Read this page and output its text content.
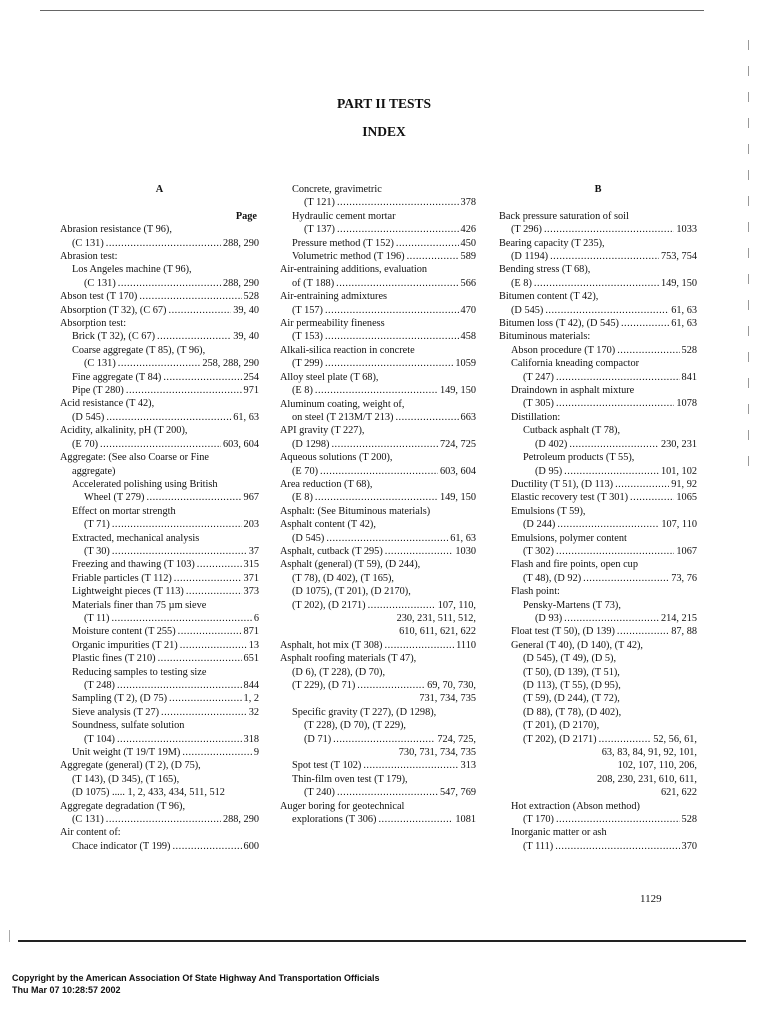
PART II TESTS
INDEX
A
Page
Abrasion resistance (T 96),
(C 131) .....	288, 290
Abrasion test:
Los Angeles machine (T 96),
(C 131) .....	288, 290
Abson test (T 170) .....	528
Absorption (T 32), (C 67) .....	39, 40
Absorption test:
Brick (T 32), (C 67) .....	39, 40
Coarse aggregate (T 85), (T 96),
(C 131) .....	258, 288, 290
Fine aggregate (T 84) .....	254
Pipe (T 280) .....	971
Acid resistance (T 42),
(D 545) .....	61, 63
Acidity, alkalinity, pH (T 200),
(E 70) .....	603, 604
Aggregate: (See also Coarse or Fine
aggregate)
Accelerated polishing using British
Wheel (T 279) .....	967
Effect on mortar strength
(T 71) .....	203
Extracted, mechanical analysis
(T 30) .....	37
Freezing and thawing (T 103) .....	315
Friable particles (T 112) .....	371
Lightweight pieces (T 113) .....	373
Materials finer than 75 µm sieve
(T 11) .....	6
Moisture content (T 255) .....	871
Organic impurities (T 21) .....	13
Plastic fines (T 210) .....	651
Reducing samples to testing size
(T 248) .....	844
Sampling (T 2), (D 75) .....	1, 2
Sieve analysis (T 27) .....	32
Soundness, sulfate solution
(T 104) .....	318
Unit weight (T 19/T 19M) .....	9
Aggregate (general) (T 2), (D 75),
(T 143), (D 345), (T 165),
(D 1075) ..... 1, 2, 433, 434, 511, 512
Aggregate degradation (T 96),
(C 131) .....	288, 290
Air content of:
Chace indicator (T 199) .....	600
Concrete, gravimetric
(T 121) .....	378
Hydraulic cement mortar
(T 137) .....	426
Pressure method (T 152) .....	450
Volumetric method (T 196) .....	589
Air-entraining additions, evaluation
of (T 188) .....	566
Air-entraining admixtures
(T 157) .....	470
Air permeability fineness
(T 153) .....	458
Alkali-silica reaction in concrete
(T 299) .....	1059
Alloy steel plate (T 68),
(E 8) .....	149, 150
Aluminum coating, weight of,
on steel (T 213M/T 213) .....	663
API gravity (T 227),
(D 1298) .....	724, 725
Aqueous solutions (T 200),
(E 70) .....	603, 604
Area reduction (T 68),
(E 8) .....	149, 150
Asphalt: (See Bituminous materials)
Asphalt content (T 42),
(D 545) .....	61, 63
Asphalt, cutback (T 295) .....	1030
Asphalt (general) (T 59), (D 244),
(T 78), (D 402), (T 165),
(D 1075), (T 201), (D 2170),
(T 202), (D 2171) .....	107, 110,
230, 231, 511, 512,
610, 611, 621, 622
Asphalt, hot mix (T 308) .....	1110
Asphalt roofing materials (T 47),
(D 6), (T 228), (D 70),
(T 229), (D 71) .....	69, 70, 730,
731, 734, 735
Specific gravity (T 227), (D 1298),
(T 228), (D 70), (T 229),
(D 71) .....	724, 725,
730, 731, 734, 735
Spot test (T 102) .....	313
Thin-film oven test (T 179),
(T 240) .....	547, 769
Auger boring for geotechnical
explorations (T 306) .....	1081
B
Back pressure saturation of soil
(T 296) .....	1033
Bearing capacity (T 235),
(D 1194) .....	753, 754
Bending stress (T 68),
(E 8) .....	149, 150
Bitumen content (T 42),
(D 545) .....	61, 63
Bitumen loss (T 42), (D 545) .....	61, 63
Bituminous materials:
Abson procedure (T 170) .....	528
California kneading compactor
(T 247) .....	841
Draindown in asphalt mixture
(T 305) .....	1078
Distillation:
Cutback asphalt (T 78),
(D 402) .....	230, 231
Petroleum products (T 55),
(D 95) .....	101, 102
Ductility (T 51), (D 113) .....	91, 92
Elastic recovery test (T 301) .....	1065
Emulsions (T 59),
(D 244) .....	107, 110
Emulsions, polymer content
(T 302) .....	1067
Flash and fire points, open cup
(T 48), (D 92) .....	73, 76
Flash point:
Pensky-Martens (T 73),
(D 93) .....	214, 215
Float test (T 50), (D 139) .....	87, 88
General (T 40), (D 140), (T 42),
(D 545), (T 49), (D 5),
(T 50), (D 139), (T 51),
(D 113), (T 55), (D 95),
(T 59), (D 244), (T 72),
(D 88), (T 78), (D 402),
(T 201), (D 2170),
(T 202), (D 2171) .....	52, 56, 61,
63, 83, 84, 91, 92, 101,
102, 107, 110, 206,
208, 230, 231, 610, 611,
621, 622
Hot extraction (Abson method)
(T 170) .....	528
Inorganic matter or ash
(T 111) .....	370
1129
Copyright by the American Association Of State Highway And Transportation Officials
Thu Mar 07 10:28:57 2002
